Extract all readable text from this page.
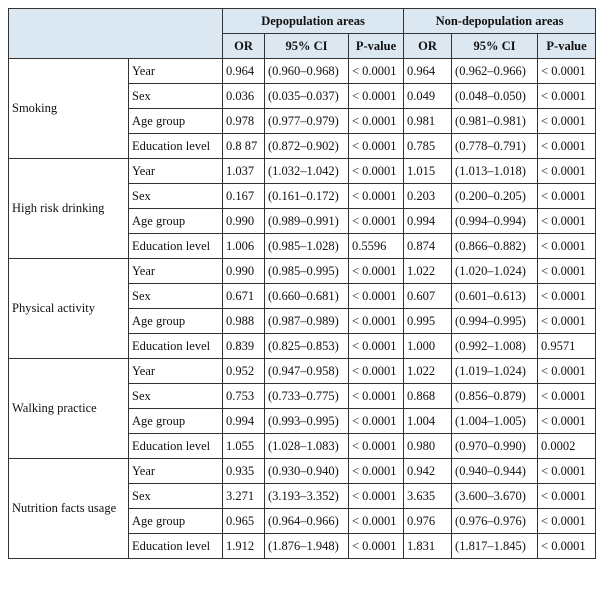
		Depopulation areas			Non-depopulation areas		
		OR	95% CI	P-value	OR	95% CI	P-value
Smoking	Year	0.964	(0.960–0.968)	< 0.0001	0.964	(0.962–0.966)	< 0.0001
	Sex	0.036	(0.035–0.037)	< 0.0001	0.049	(0.048–0.050)	< 0.0001
	Age group	0.978	(0.977–0.979)	< 0.0001	0.981	(0.981–0.981)	< 0.0001
	Education level	0.8 87	(0.872–0.902)	< 0.0001	0.785	(0.778–0.791)	< 0.0001
High risk drinking	Year	1.037	(1.032–1.042)	< 0.0001	1.015	(1.013–1.018)	< 0.0001
	Sex	0.167	(0.161–0.172)	< 0.0001	0.203	(0.200–0.205)	< 0.0001
	Age group	0.990	(0.989–0.991)	< 0.0001	0.994	(0.994–0.994)	< 0.0001
	Education level	1.006	(0.985–1.028)	0.5596	0.874	(0.866–0.882)	< 0.0001
Physical activity	Year	0.990	(0.985–0.995)	< 0.0001	1.022	(1.020–1.024)	< 0.0001
	Sex	0.671	(0.660–0.681)	< 0.0001	0.607	(0.601–0.613)	< 0.0001
	Age group	0.988	(0.987–0.989)	< 0.0001	0.995	(0.994–0.995)	< 0.0001
	Education level	0.839	(0.825–0.853)	< 0.0001	1.000	(0.992–1.008)	0.9571
Walking practice	Year	0.952	(0.947–0.958)	< 0.0001	1.022	(1.019–1.024)	< 0.0001
	Sex	0.753	(0.733–0.775)	< 0.0001	0.868	(0.856–0.879)	< 0.0001
	Age group	0.994	(0.993–0.995)	< 0.0001	1.004	(1.004–1.005)	< 0.0001
	Education level	1.055	(1.028–1.083)	< 0.0001	0.980	(0.970–0.990)	0.0002
Nutrition facts usage	Year	0.935	(0.930–0.940)	< 0.0001	0.942	(0.940–0.944)	< 0.0001
	Sex	3.271	(3.193–3.352)	< 0.0001	3.635	(3.600–3.670)	< 0.0001
	Age group	0.965	(0.964–0.966)	< 0.0001	0.976	(0.976–0.976)	< 0.0001
	Education level	1.912	(1.876–1.948)	< 0.0001	1.831	(1.817–1.845)	< 0.0001
